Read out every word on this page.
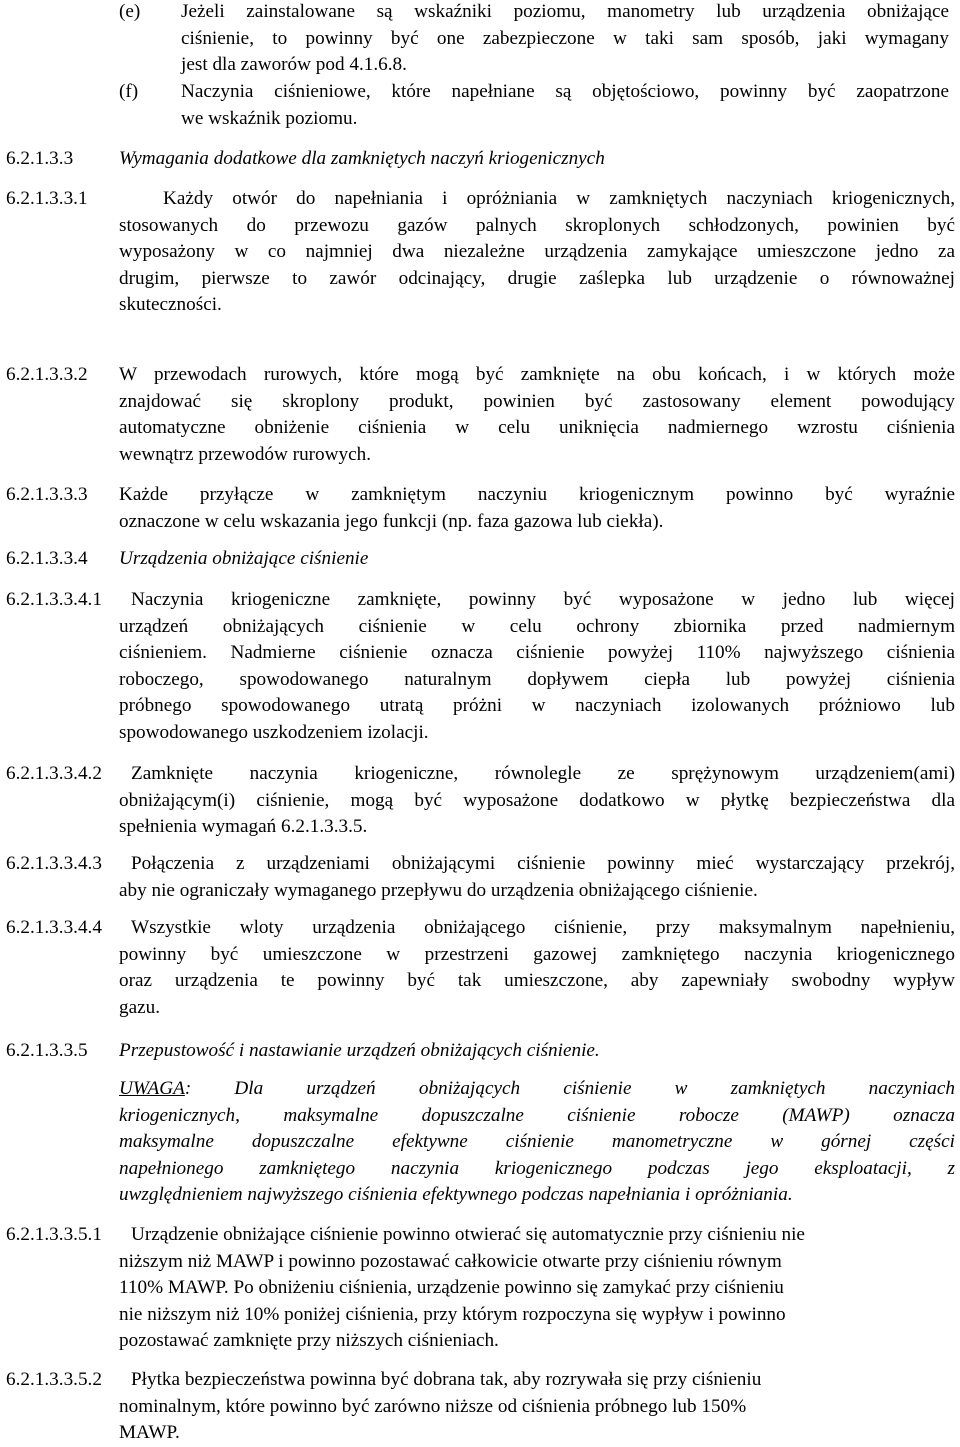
(e) Jeżeli zainstalowane są wskaźniki poziomu, manometry lub urządzenia obniżające
ciśnienie, to powinny być one zabezpieczone w taki sam sposób, jaki wymagany
jest dla zaworów pod 4.1.6.8.
(f) Naczynia ciśnieniowe, które napełniane są objętościowo, powinny być zaopatrzone
we wskaźnik poziomu.
6.2.1.3.3 Wymagania dodatkowe dla zamkniętych naczyń kriogenicznych
6.2.1.3.3.1	Każdy otwór do napełniania i opróżniania w zamkniętych naczyniach kriogenicznych,
stosowanych do przewozu gazów palnych skroplonych schłodzonych, powinien być
wyposażony w co najmniej dwa niezależne urządzenia zamykające umieszczone jedno za
drugim, pierwsze to zawór odcinający, drugie zaślepka lub urządzenie o równoważnej
skuteczności.
6.2.1.3.3.2 W przewodach rurowych, które mogą być zamknięte na obu końcach, i w których może
znajdować się skroplony produkt, powinien być zastosowany element powodujący
automatyczne obniżenie ciśnienia w celu uniknięcia nadmiernego wzrostu ciśnienia
wewnątrz przewodów rurowych.
6.2.1.3.3.3 Każde przyłącze w zamkniętym naczyniu kriogenicznym powinno być wyraźnie
oznaczone w celu wskazania jego funkcji (np. faza gazowa lub ciekła).
6.2.1.3.3.4 Urządzenia obniżające ciśnienie
6.2.1.3.3.4.1 Naczynia kriogeniczne zamknięte, powinny być wyposażone w jedno lub więcej
urządzeń obniżających ciśnienie w celu ochrony zbiornika przed nadmiernym
ciśnieniem. Nadmierne ciśnienie oznacza ciśnienie powyżej 110% najwyższego ciśnienia
roboczego, spowodowanego naturalnym dopływem ciepła lub powyżej ciśnienia
próbnego spowodowanego utratą próżni w naczyniach izolowanych próżniowo lub
spowodowanego uszkodzeniem izolacji.
6.2.1.3.3.4.2 Zamknięte naczynia kriogeniczne, równolegle ze sprężynowym urządzeniem(ami)
obniżającym(i) ciśnienie, mogą być wyposażone dodatkowo w płytkę bezpieczeństwa dla
spełnienia wymagań 6.2.1.3.3.5.
6.2.1.3.3.4.3 Połączenia z urządzeniami obniżającymi ciśnienie powinny mieć wystarczający przekrój,
aby nie ograniczały wymaganego przepływu do urządzenia obniżającego ciśnienie.
6.2.1.3.3.4.4 Wszystkie wloty urządzenia obniżającego ciśnienie, przy maksymalnym napełnieniu,
powinny być umieszczone w przestrzeni gazowej zamkniętego naczynia kriogenicznego
oraz urządzenia te powinny być tak umieszczone, aby zapewniały swobodny wypływ
gazu.
6.2.1.3.3.5 Przepustowość i nastawianie urządzeń obniżających ciśnienie.
UWAGA: Dla urządzeń obniżających ciśnienie w zamkniętych naczyniach
kriogenicznych, maksymalne dopuszczalne ciśnienie robocze (MAWP) oznacza
maksymalne dopuszczalne efektywne ciśnienie manometryczne w górnej części
napełnionego zamkniętego naczynia kriogenicznego podczas jego eksploatacji, z
uwzględnieniem najwyższego ciśnienia efektywnego podczas napełniania i opróżniania.
6.2.1.3.3.5.1 Urządzenie obniżające ciśnienie powinno otwierać się automatycznie przy ciśnieniu nie
niższym niż MAWP i powinno pozostawać całkowicie otwarte przy ciśnieniu równym
110% MAWP. Po obniżeniu ciśnienia, urządzenie powinno się zamykać przy ciśnieniu
nie niższym niż 10% poniżej ciśnienia, przy którym rozpoczyna się wypływ i powinno
pozostawać zamknięte przy niższych ciśnieniach.
6.2.1.3.3.5.2 Płytka bezpieczeństwa powinna być dobrana tak, aby rozrywała się przy ciśnieniu
nominalnym, które powinno być zarówno niższe od ciśnienia próbnego lub 150%
MAWP.
